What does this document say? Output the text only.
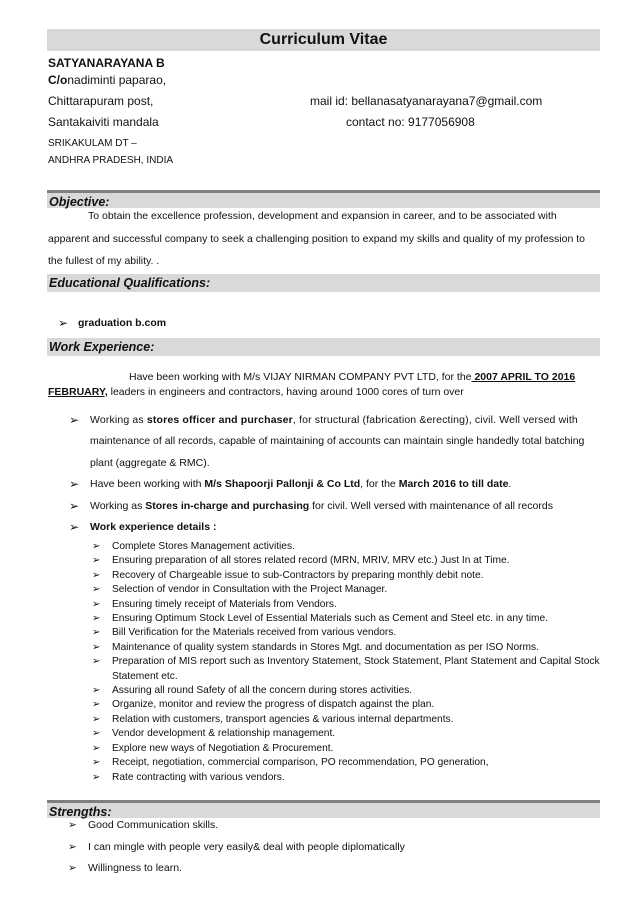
Curriculum Vitae
SATYANARAYANA B
C/onadiminti paparao,
Chittarapuram post,
Santakaiviti mandala
SRIKAKULAM DT –
ANDHRA PRADESH, INDIA
mail id: bellanasatyanarayana7@gmail.com
contact no: 9177056908
Objective:
To obtain the excellence profession, development and expansion in career, and to be associated with
apparent and successful company to seek a challenging position to expand my skills and quality of my profession to
the fullest of my ability. .
Educational Qualifications:
➢ graduation b.com
Work Experience:
Have been working with M/s VIJAY NIRMAN COMPANY PVT LTD, for the 2007 APRIL TO 2016
FEBRUARY, leaders in engineers and contractors, having around 1000 cores of turn over
➢ Working as stores officer and purchaser, for structural (fabrication &erecting), civil. Well versed with
maintenance of all records, capable of maintaining of accounts can maintain single handedly total batching
plant (aggregate & RMC).
➢ Have been working with M/s Shapoorji Pallonji & Co Ltd, for the March 2016 to till date.
➢ Working as Stores in-charge and purchasing for civil. Well versed with maintenance of all records
➢ Work experience details :
➢ Complete Stores Management activities.
➢ Ensuring preparation of all stores related record (MRN, MRIV, MRV etc.) Just In at Time.
➢ Recovery of Chargeable issue to sub-Contractors by preparing monthly debit note.
➢ Selection of vendor in Consultation with the Project Manager.
➢ Ensuring timely receipt of Materials from Vendors.
➢ Ensuring Optimum Stock Level of Essential Materials such as Cement and Steel etc. in any time.
➢ Bill Verification for the Materials received from various vendors.
➢ Maintenance of quality system standards in Stores Mgt. and documentation as per ISO Norms.
➢ Preparation of MIS report such as Inventory Statement, Stock Statement, Plant Statement and Capital Stock Statement etc.
➢ Assuring all round Safety of all the concern during stores activities.
➢ Organize, monitor and review the progress of dispatch against the plan.
➢ Relation with customers, transport agencies & various internal departments.
➢ Vendor development & relationship management.
➢ Explore new ways of Negotiation & Procurement.
➢ Receipt, negotiation, commercial comparison, PO recommendation, PO generation,
➢ Rate contracting with various vendors.
Strengths:
➢ Good Communication skills.
➢ I can mingle with people very easily& deal with people diplomatically
➢ Willingness to learn.
